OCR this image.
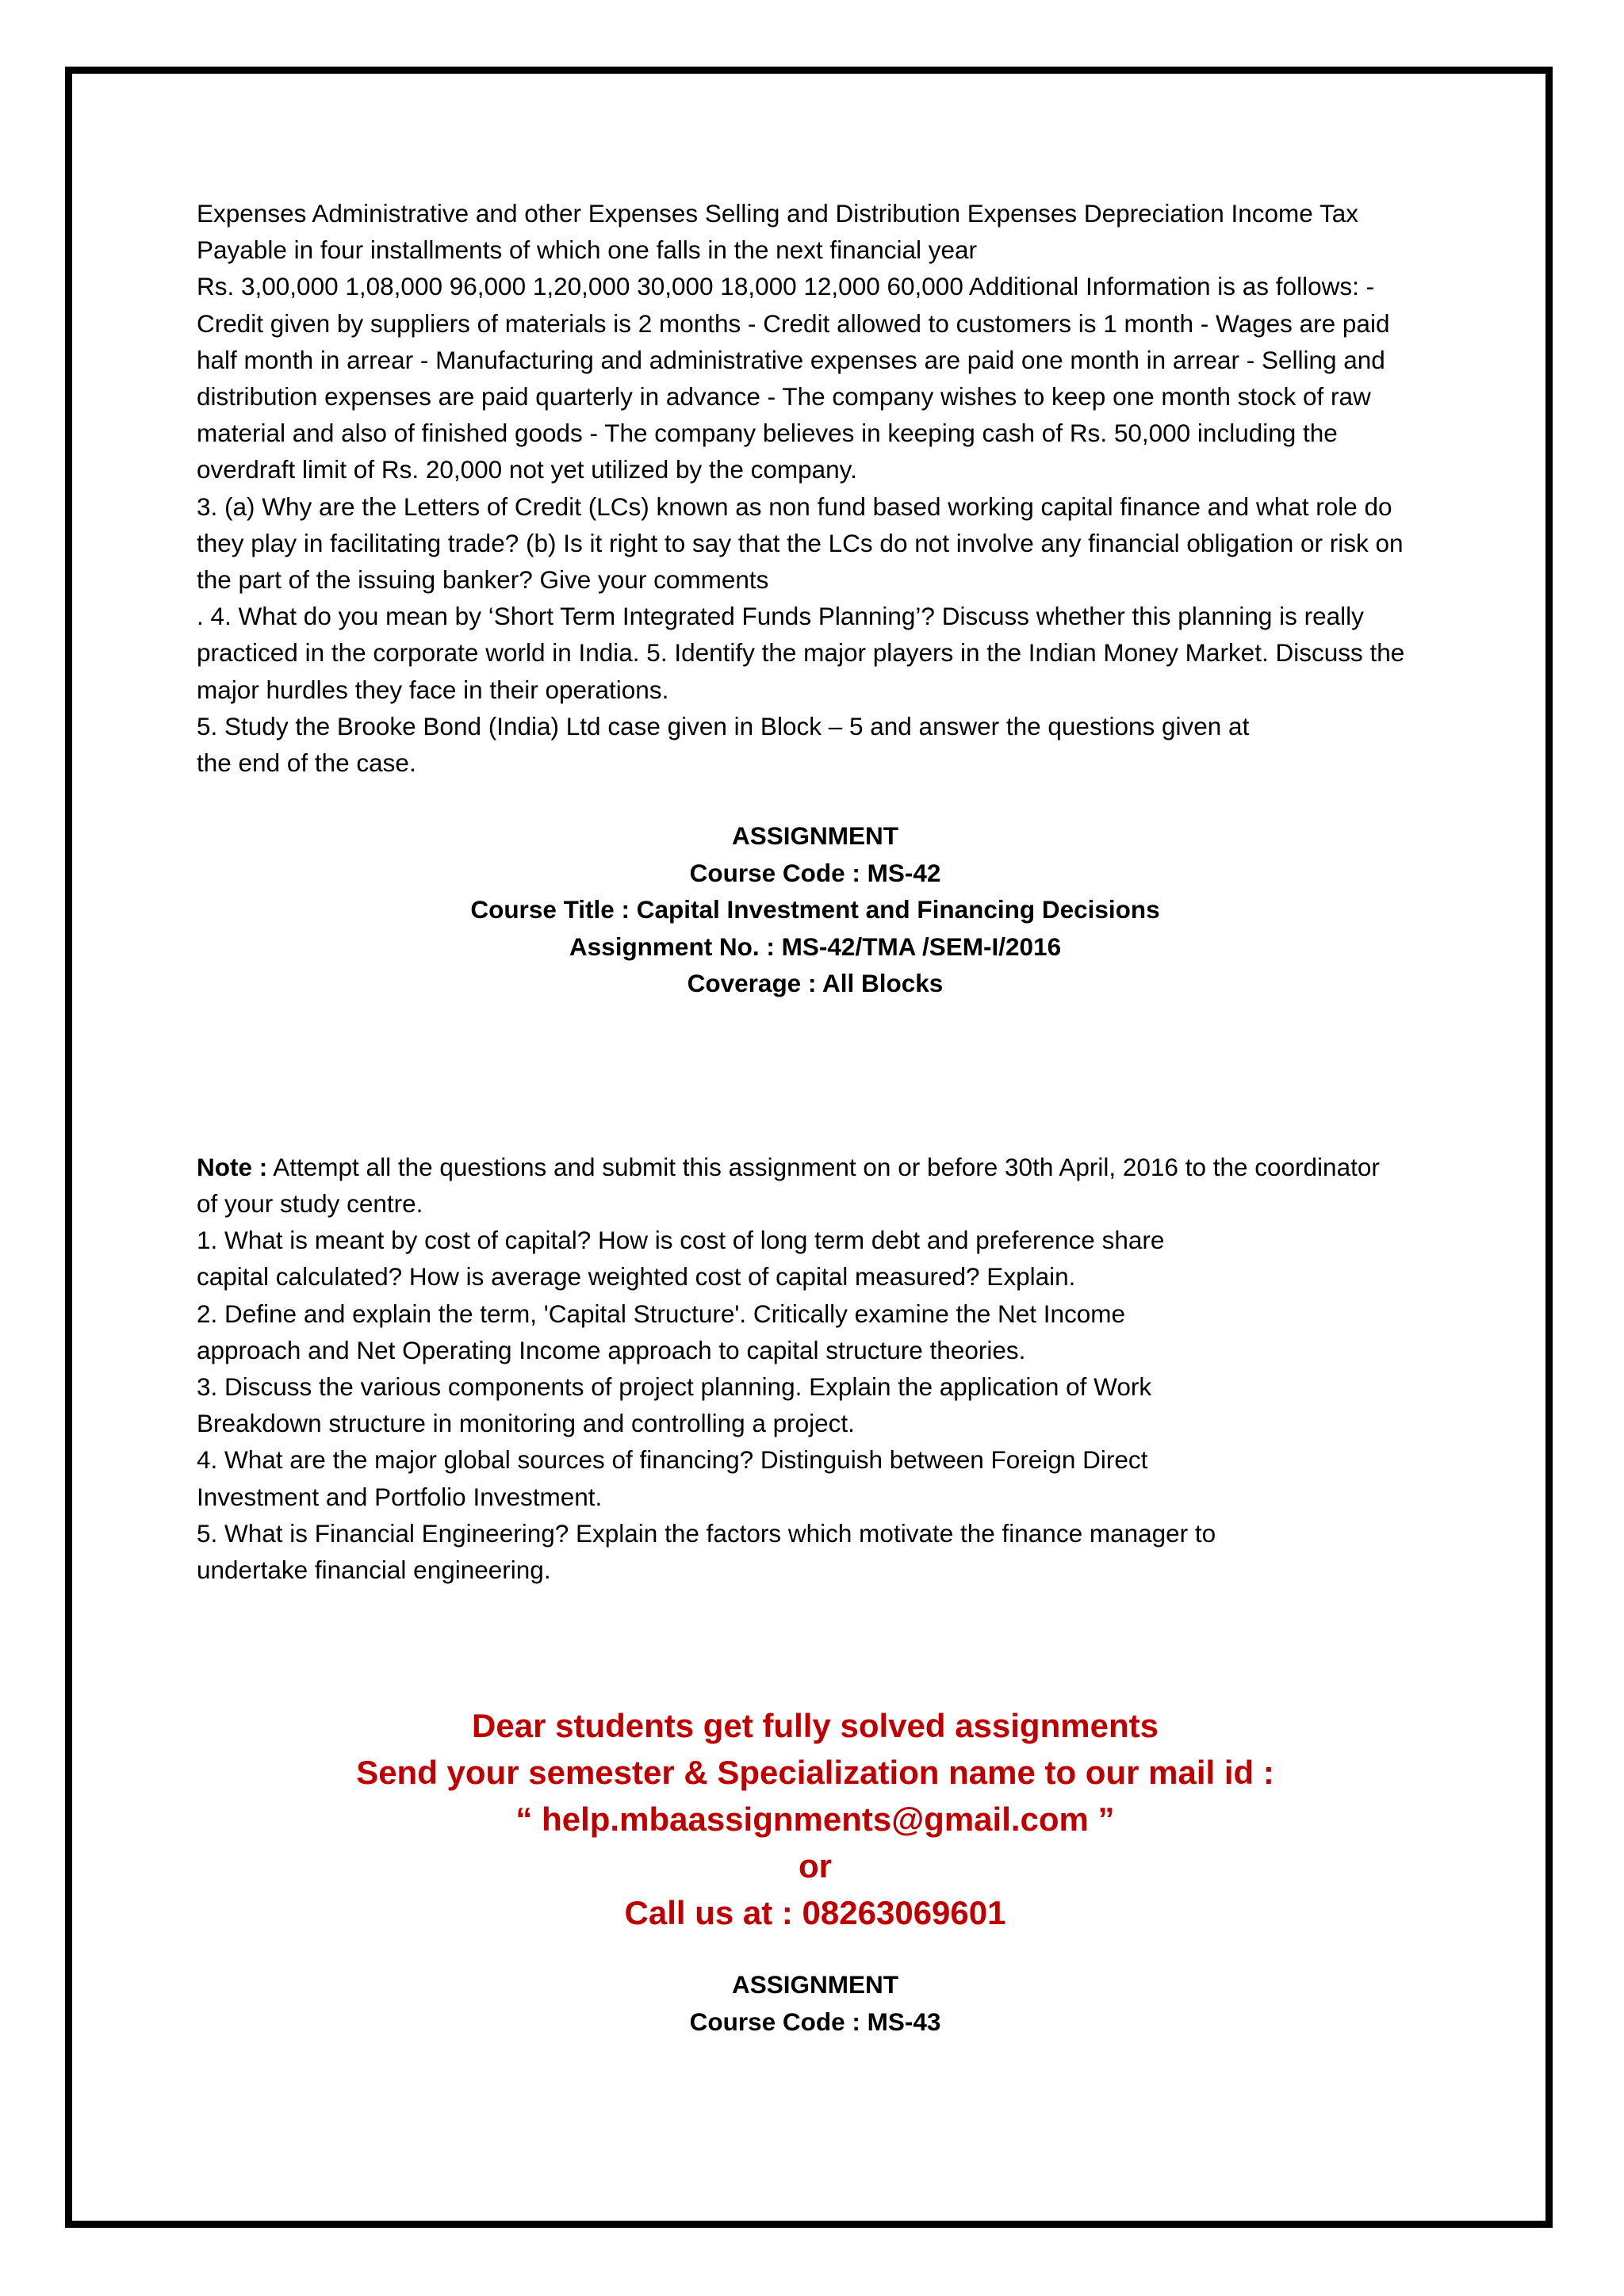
Expenses Administrative and other Expenses Selling and Distribution Expenses Depreciation Income Tax Payable in four installments of which one falls in the next financial year

Rs. 3,00,000 1,08,000 96,000 1,20,000 30,000 18,000 12,000 60,000 Additional Information is as follows: - Credit given by suppliers of materials is 2 months - Credit allowed to customers is 1 month - Wages are paid half month in arrear - Manufacturing and administrative expenses are paid one month in arrear - Selling and distribution expenses are paid quarterly in advance - The company wishes to keep one month stock of raw material and also of finished goods - The company believes in keeping cash of Rs. 50,000 including the overdraft limit of Rs. 20,000 not yet utilized by the company.

3. (a) Why are the Letters of Credit (LCs) known as non fund based working capital finance and what role do they play in facilitating trade? (b) Is it right to say that the LCs do not involve any financial obligation or risk on the part of the issuing banker? Give your comments

. 4. What do you mean by ‘Short Term Integrated Funds Planning’? Discuss whether this planning is really practiced in the corporate world in India. 5. Identify the major players in the Indian Money Market. Discuss the major hurdles they face in their operations.

5. Study the Brooke Bond (India) Ltd case given in Block – 5 and answer the questions given at the end of the case.

ASSIGNMENT

Course Code : MS-42

Course Title : Capital Investment and Financing Decisions

Assignment No. : MS-42/TMA /SEM-I/2016

Coverage : All Blocks

Note : Attempt all the questions and submit this assignment on or before 30th April, 2016 to the coordinator of your study centre.

1. What is meant by cost of capital? How is cost of long term debt and preference share

capital calculated? How is average weighted cost of capital measured? Explain.

2. Define and explain the term, 'Capital Structure'. Critically examine the Net Income

approach and Net Operating Income approach to capital structure theories.

3. Discuss the various components of project planning. Explain the application of Work

Breakdown structure in monitoring and controlling a project.

4. What are the major global sources of financing? Distinguish between Foreign Direct

Investment and Portfolio Investment.

5. What is Financial Engineering? Explain the factors which motivate the finance manager to

undertake financial engineering.

Dear students get fully solved assignments

Send your semester & Specialization name to our mail id :

“ help.mbaassignments@gmail.com ”

or

Call us at : 08263069601

ASSIGNMENT

Course Code : MS-43
